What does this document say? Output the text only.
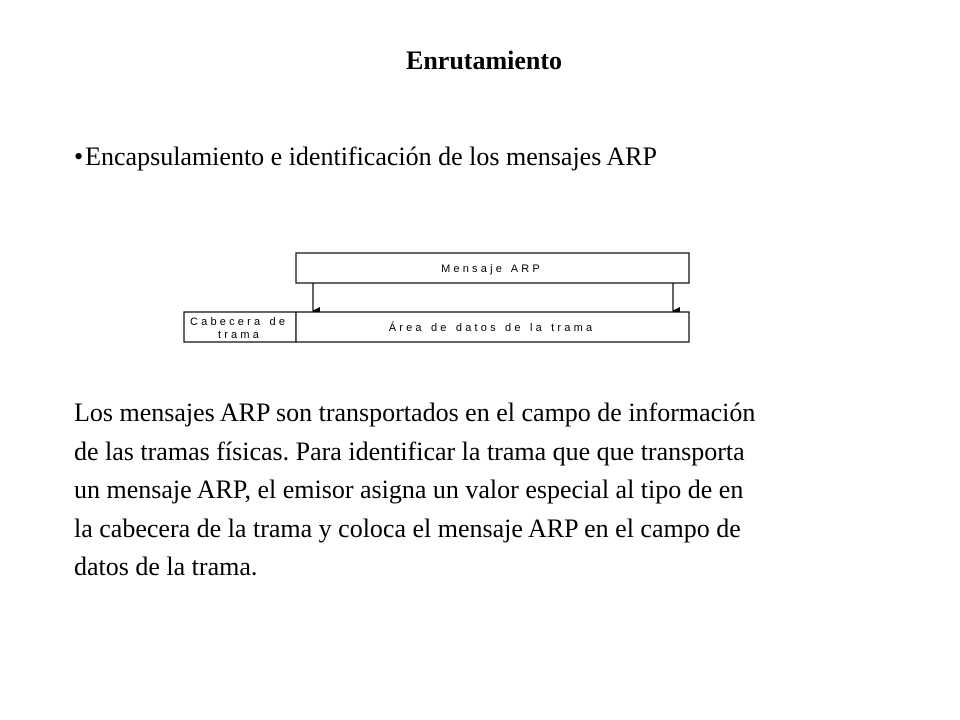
Enrutamiento
•Encapsulamiento e identificación de los mensajes ARP
Mensaje ARP
Cabecera de
trama
Área de datos de la trama
Los mensajes ARP son transportados en el campo de información
de las tramas físicas. Para identificar la trama que que transporta
un mensaje ARP, el emisor asigna un valor especial al tipo de en
la cabecera de la trama y coloca el mensaje ARP en el campo de
datos de la trama.
